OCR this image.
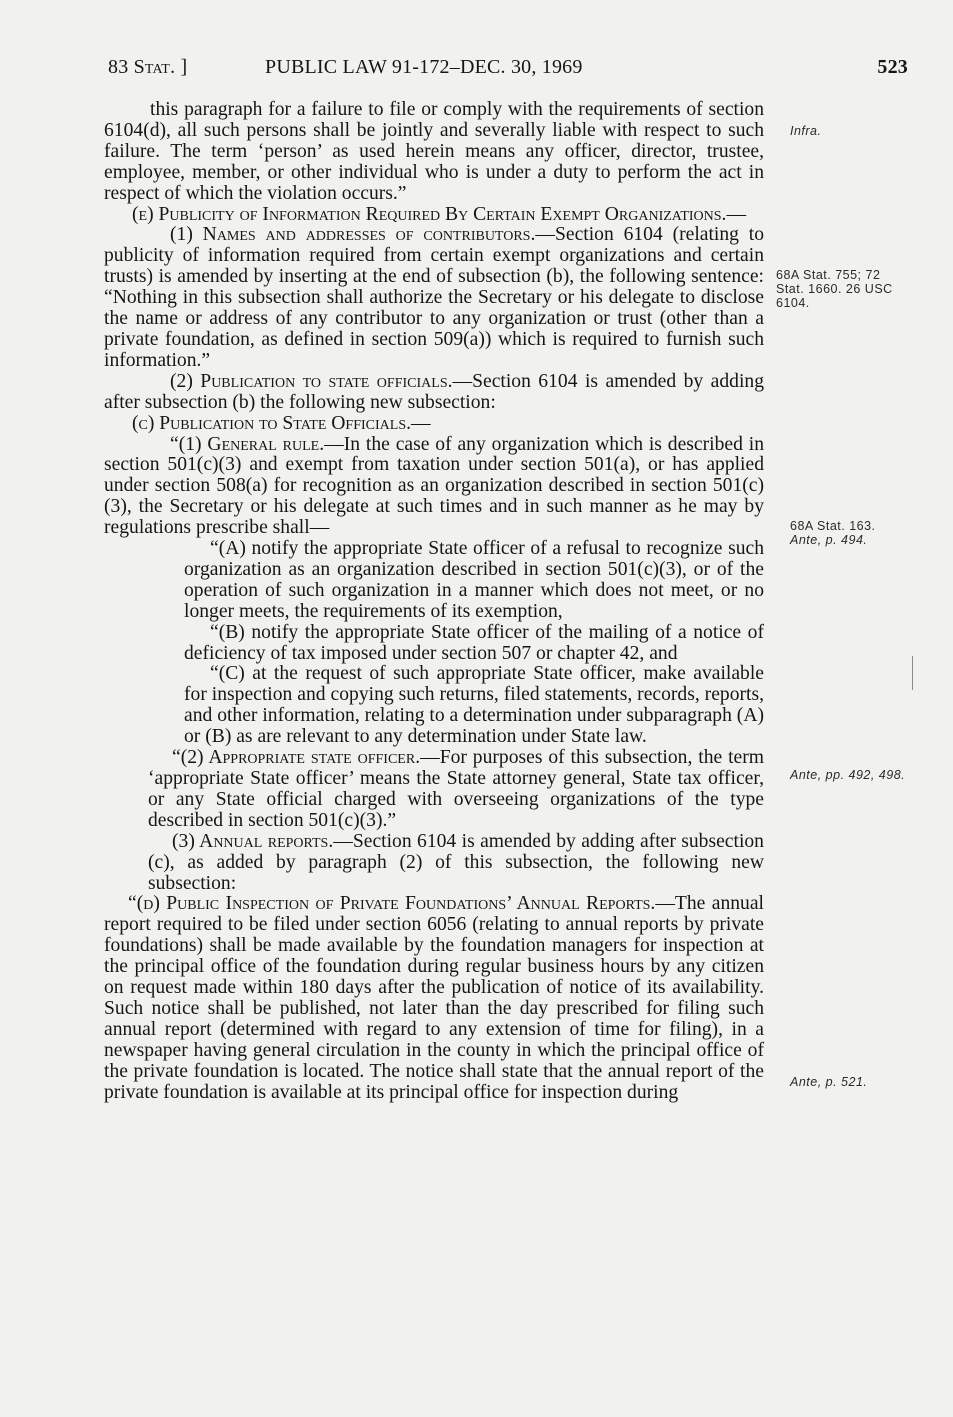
83 Stat. ]	PUBLIC LAW 91-172–DEC. 30, 1969	523

this paragraph for a failure to file or comply with the requirements of section 6104(d), all such persons shall be jointly and severally liable with respect to such failure. The term ‘person’ as used herein means any officer, director, trustee, employee, member, or other individual who is under a duty to perform the act in respect of which the violation occurs.”

(e) Publicity of Information Required By Certain Exempt Organizations.—

(1) Names and addresses of contributors.—Section 6104 (relating to publicity of information required from certain exempt organizations and certain trusts) is amended by inserting at the end of subsection (b), the following sentence: “Nothing in this subsection shall authorize the Secretary or his delegate to disclose the name or address of any contributor to any organization or trust (other than a private foundation, as defined in section 509(a)) which is required to furnish such information.”

(2) Publication to state officials.—Section 6104 is amended by adding after subsection (b) the following new subsection:

(c) Publication to State Officials.—

“(1) General rule.—In the case of any organization which is described in section 501(c)(3) and exempt from taxation under section 501(a), or has applied under section 508(a) for recognition as an organization described in section 501(c)(3), the Secretary or his delegate at such times and in such manner as he may by regulations prescribe shall—

“(A) notify the appropriate State officer of a refusal to recognize such organization as an organization described in section 501(c)(3), or of the operation of such organization in a manner which does not meet, or no longer meets, the requirements of its exemption,

“(B) notify the appropriate State officer of the mailing of a notice of deficiency of tax imposed under section 507 or chapter 42, and

“(C) at the request of such appropriate State officer, make available for inspection and copying such returns, filed statements, records, reports, and other information, relating to a determination under subparagraph (A) or (B) as are relevant to any determination under State law.

“(2) Appropriate state officer.—For purposes of this subsection, the term ‘appropriate State officer’ means the State attorney general, State tax officer, or any State official charged with overseeing organizations of the type described in section 501(c)(3).”

(3) Annual reports.—Section 6104 is amended by adding after subsection (c), as added by paragraph (2) of this subsection, the following new subsection:

“(d) Public Inspection of Private Foundations’ Annual Reports.—The annual report required to be filed under section 6056 (relating to annual reports by private foundations) shall be made available by the foundation managers for inspection at the principal office of the foundation during regular business hours by any citizen on request made within 180 days after the publication of notice of its availability. Such notice shall be published, not later than the day prescribed for filing such annual report (determined with regard to any extension of time for filing), in a newspaper having general circulation in the county in which the principal office of the private foundation is located. The notice shall state that the annual report of the private foundation is available at its principal office for inspection during

Infra.
68A Stat. 755; 72 Stat. 1660. 26 USC 6104.
68A Stat. 163.
Ante, p. 494.
Ante, pp. 492, 498.
Ante, p. 521.
